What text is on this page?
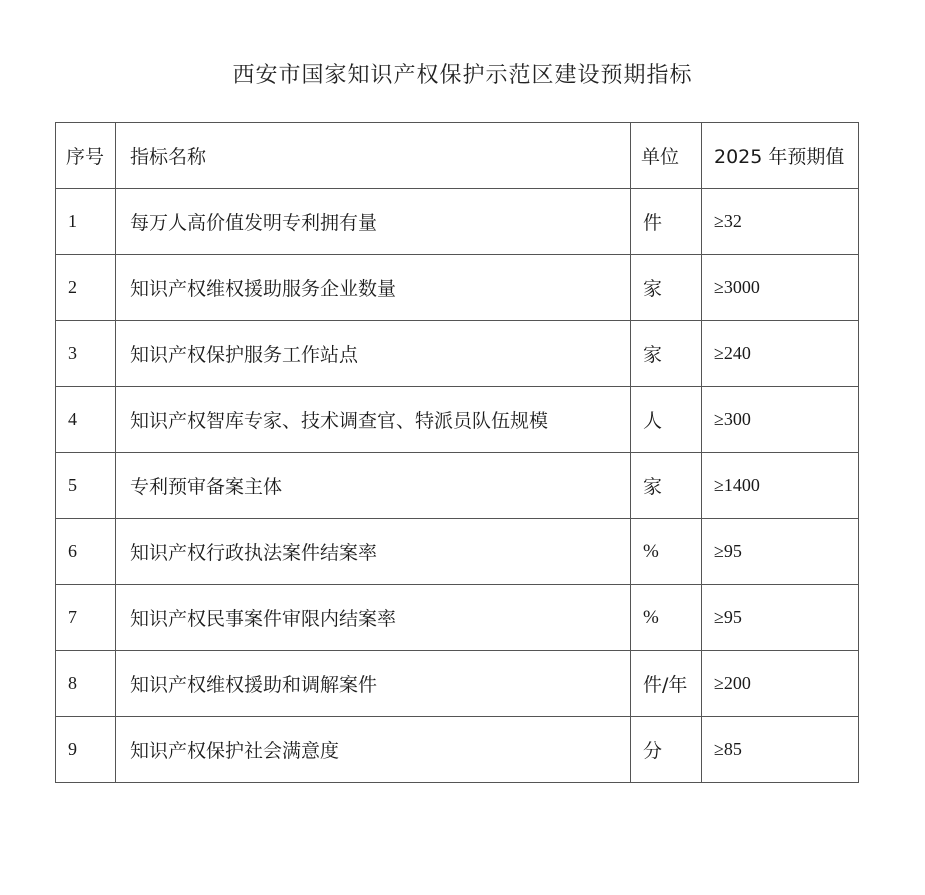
西安市国家知识产权保护示范区建设预期指标
序号	指标名称	单位	2025 年预期值
1	每万人高价值发明专利拥有量	件	≥32
2	知识产权维权援助服务企业数量	家	≥3000
3	知识产权保护服务工作站点	家	≥240
4	知识产权智库专家、技术调查官、特派员队伍规模	人	≥300
5	专利预审备案主体	家	≥1400
6	知识产权行政执法案件结案率	%	≥95
7	知识产权民事案件审限内结案率	%	≥95
8	知识产权维权援助和调解案件	件/年	≥200
9	知识产权保护社会满意度	分	≥85
